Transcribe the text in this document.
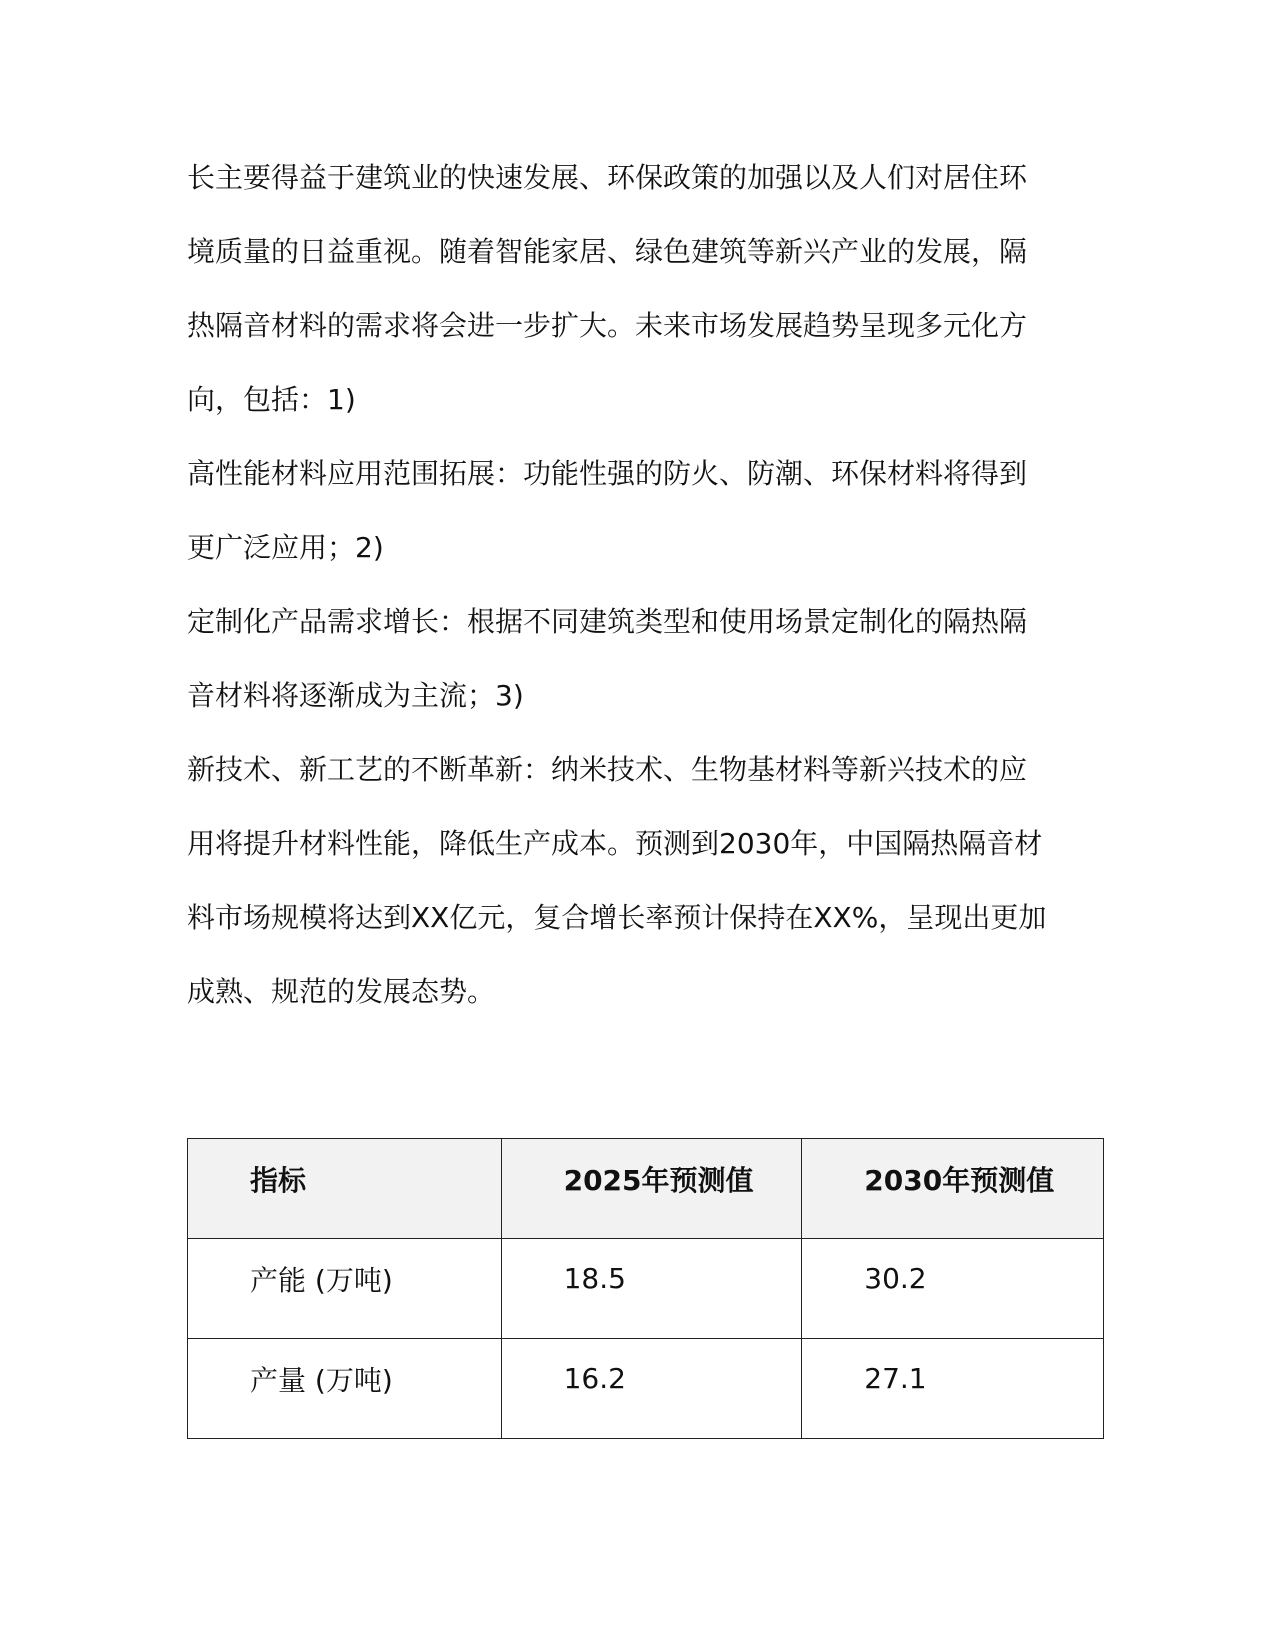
长主要得益于建筑业的快速发展、环保政策的加强以及人们对居住环
境质量的日益重视。随着智能家居、绿色建筑等新兴产业的发展，隔
热隔音材料的需求将会进一步扩大。未来市场发展趋势呈现多元化方
向，包括：1)
高性能材料应用范围拓展：功能性强的防火、防潮、环保材料将得到
更广泛应用；2)
定制化产品需求增长：根据不同建筑类型和使用场景定制化的隔热隔
音材料将逐渐成为主流；3)
新技术、新工艺的不断革新：纳米技术、生物基材料等新兴技术的应
用将提升材料性能，降低生产成本。预测到2030年，中国隔热隔音材
料市场规模将达到XX亿元，复合增长率预计保持在XX%，呈现出更加
成熟、规范的发展态势。
指标	2025年预测值	2030年预测值
产能 (万吨)	18.5	30.2
产量 (万吨)	16.2	27.1
